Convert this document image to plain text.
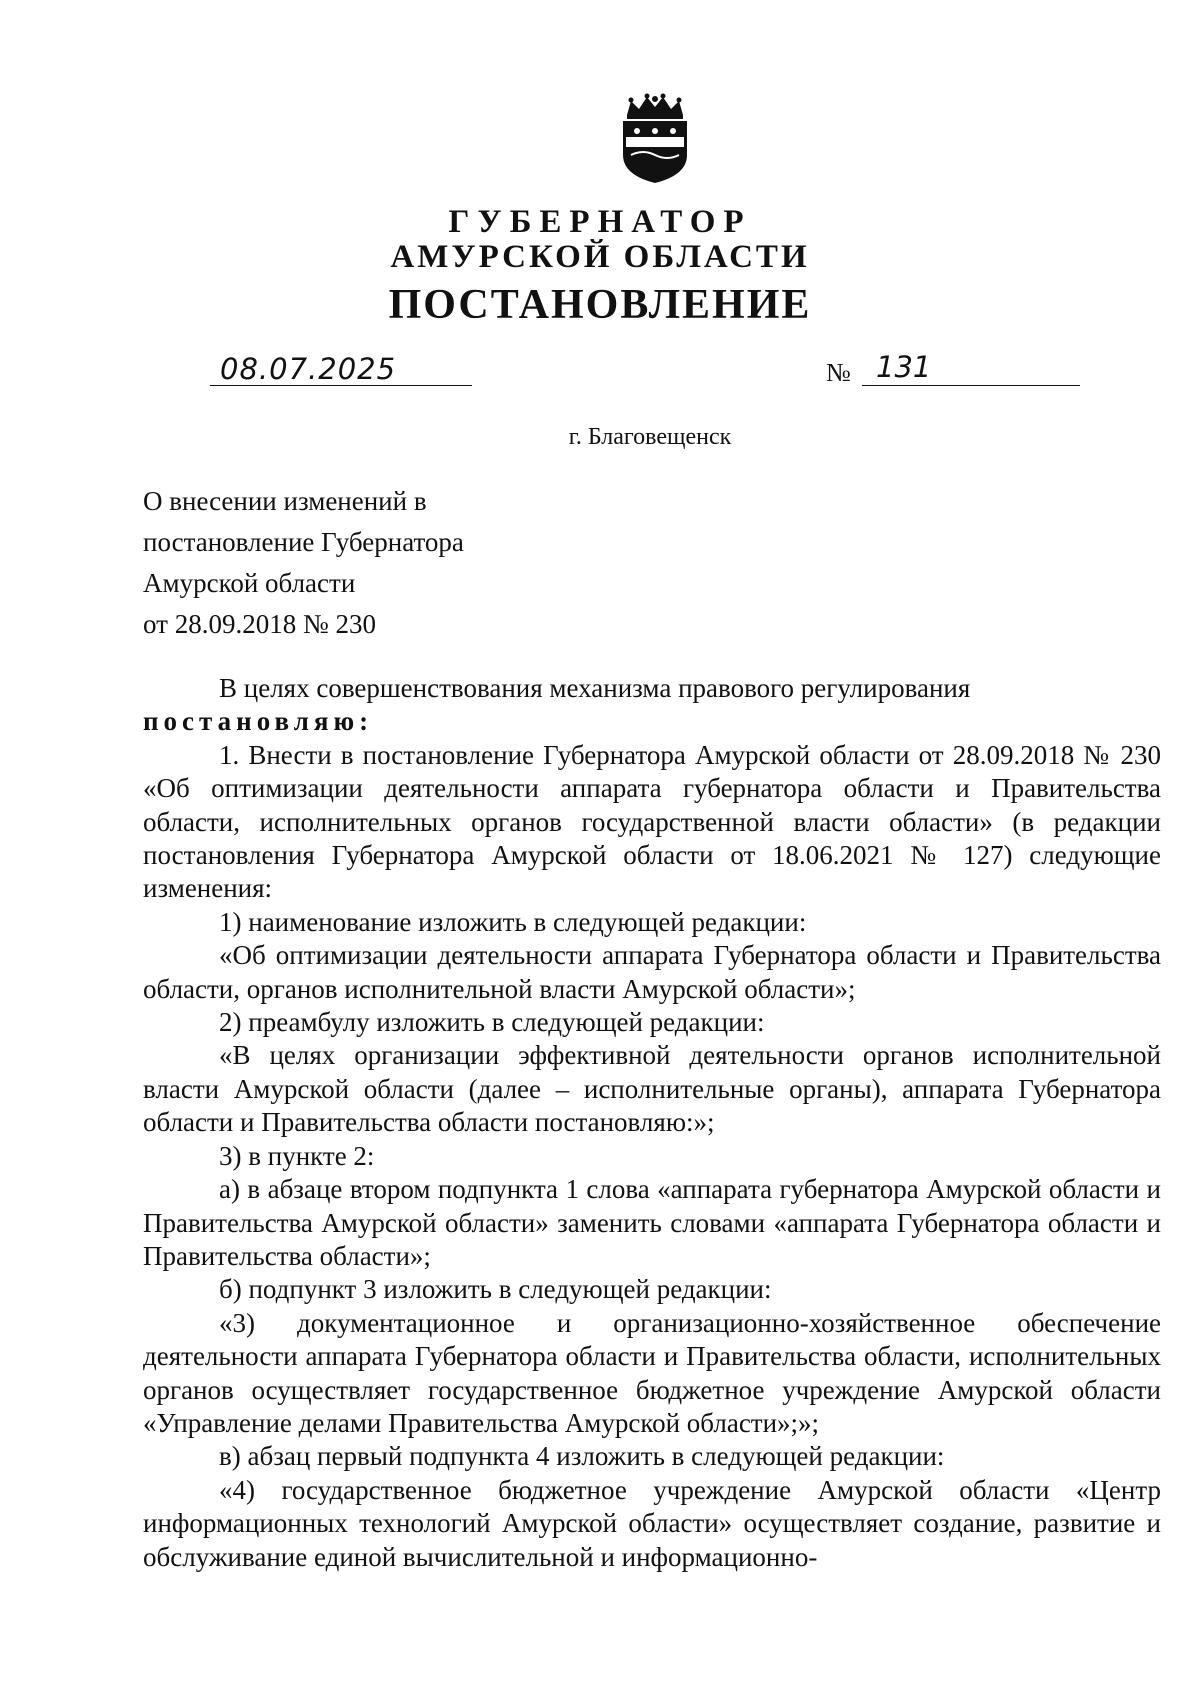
ГУБЕРНАТОР
АМУРСКОЙ ОБЛАСТИ
ПОСТАНОВЛЕНИЕ
08.07.2025	№ 131
г. Благовещенск
О внесении изменений в
постановление Губернатора
Амурской области
от 28.09.2018 № 230

В целях совершенствования механизма правового регулирования

постановляю:

1. Внести в постановление Губернатора Амурской области от 28.09.2018 № 230 «Об оптимизации деятельности аппарата губернатора области и Правительства области, исполнительных органов государственной власти области» (в редакции постановления Губернатора Амурской области от 18.06.2021 № 127) следующие изменения:

1) наименование изложить в следующей редакции:

«Об оптимизации деятельности аппарата Губернатора области и Правительства области, органов исполнительной власти Амурской области»;

2) преамбулу изложить в следующей редакции:

«В целях организации эффективной деятельности органов исполнительной власти Амурской области (далее – исполнительные органы), аппарата Губернатора области и Правительства области постановляю:»;

3) в пункте 2:

а) в абзаце втором подпункта 1 слова «аппарата губернатора Амурской области и Правительства Амурской области» заменить словами «аппарата Губернатора области и Правительства области»;

б) подпункт 3 изложить в следующей редакции:

«3) документационное и организационно-хозяйственное обеспечение деятельности аппарата Губернатора области и Правительства области, исполнительных органов осуществляет государственное бюджетное учреждение Амурской области «Управление делами Правительства Амурской области»;»;

в) абзац первый подпункта 4 изложить в следующей редакции:

«4) государственное бюджетное учреждение Амурской области «Центр информационных технологий Амурской области» осуществляет создание, развитие и обслуживание единой вычислительной и информационно-
